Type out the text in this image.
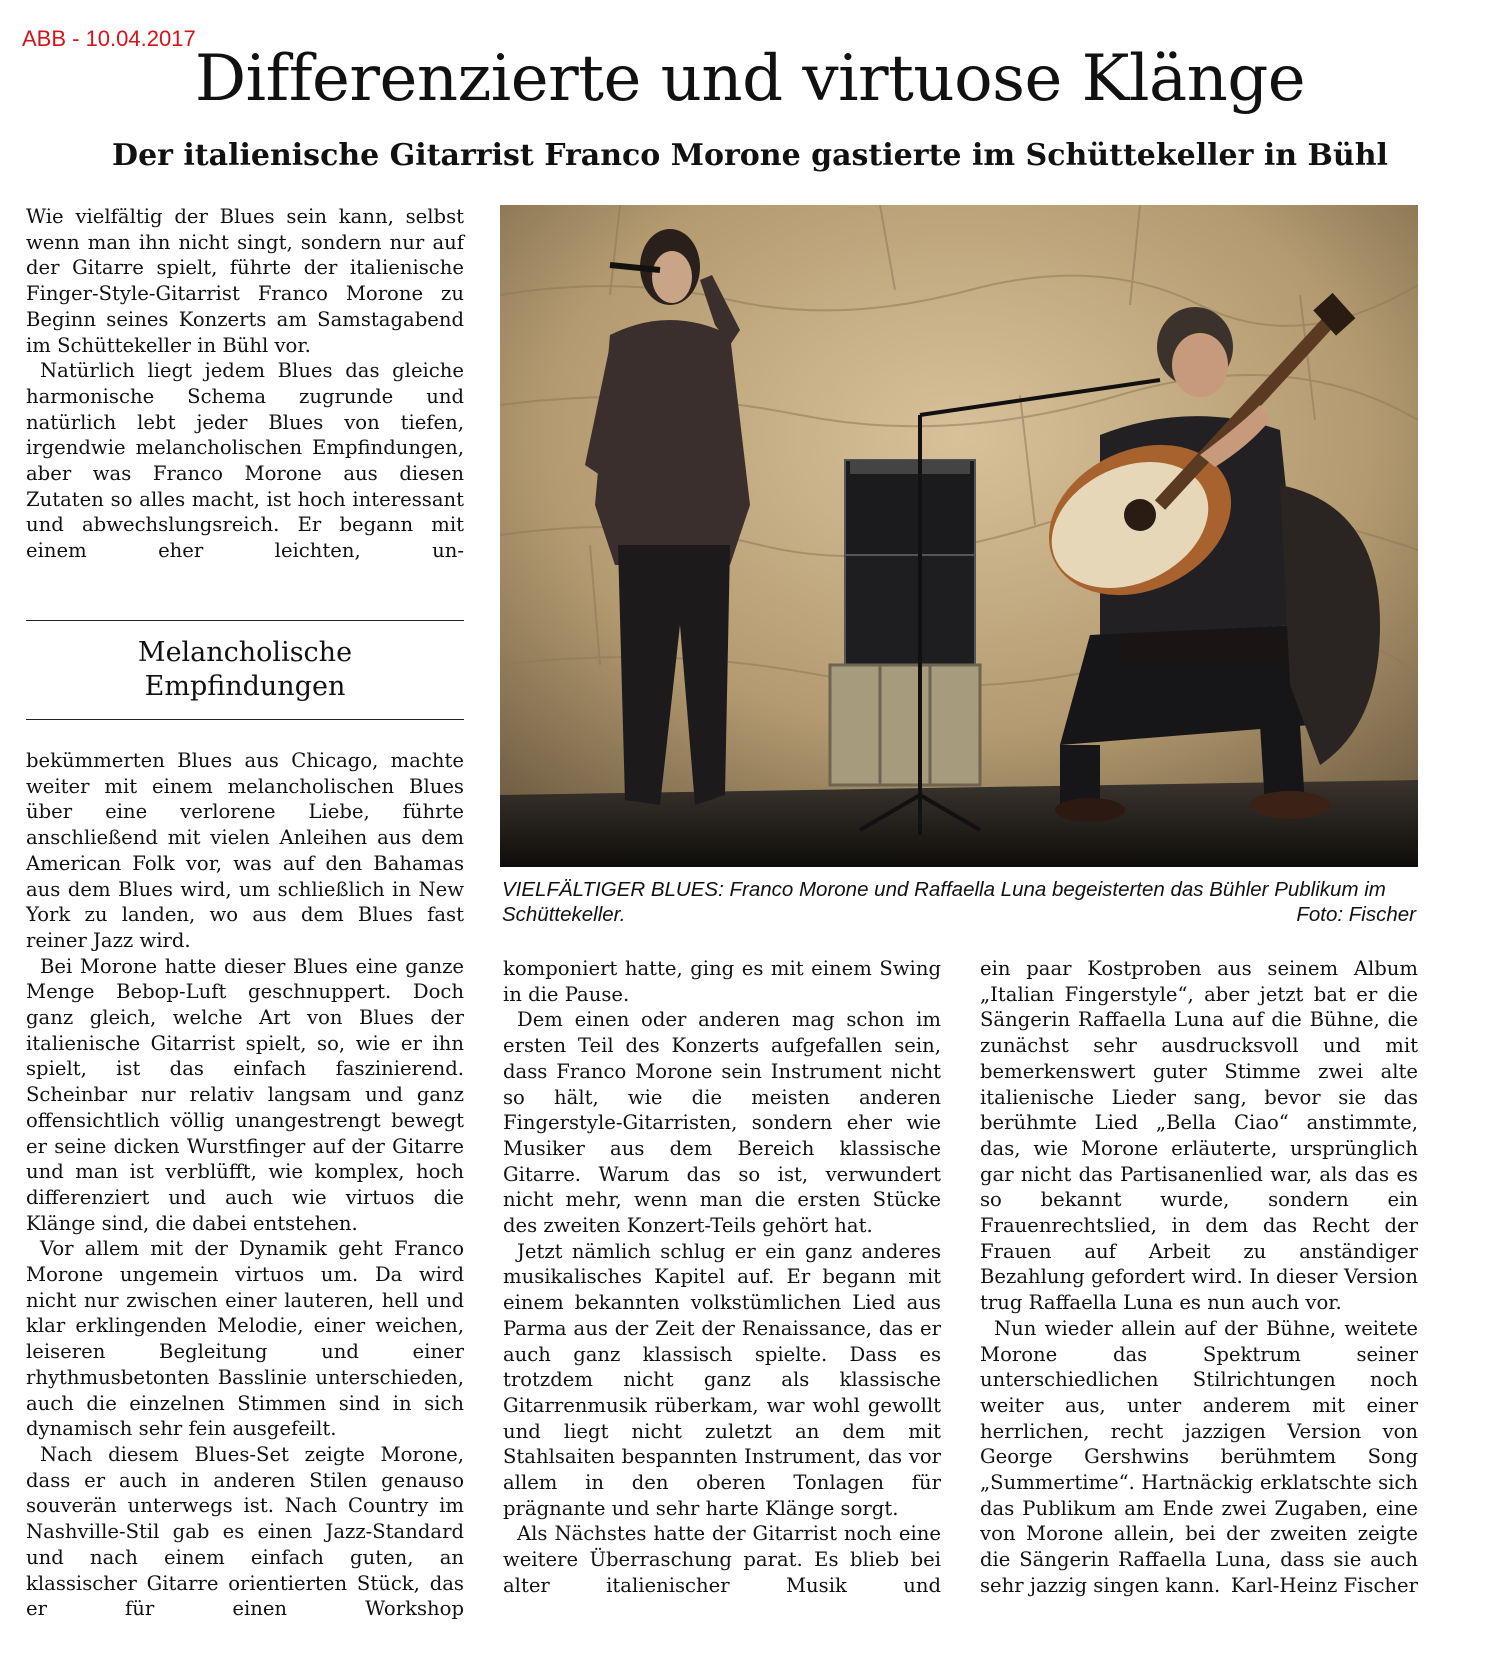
ABB - 10.04.2017
Differenzierte und virtuose Klänge
Der italienische Gitarrist Franco Morone gastierte im Schüttekeller in Bühl

Wie vielfältig der Blues sein kann, selbst wenn man ihn nicht singt, sondern nur auf der Gitarre spielt, führte der italienische Finger-Style-Gitarrist Franco Morone zu Beginn seines Konzerts am Samstagabend im Schüttekeller in Bühl vor.

Natürlich liegt jedem Blues das gleiche harmonische Schema zugrunde und natürlich lebt jeder Blues von tiefen, irgendwie melancholischen Empfindungen, aber was Franco Morone aus diesen Zutaten so alles macht, ist hoch interessant und abwechslungsreich. Er begann mit einem eher leichten, un-

Melancholische
Empfindungen

bekümmerten Blues aus Chicago, machte weiter mit einem melancholischen Blues über eine verlorene Liebe, führte anschließend mit vielen Anleihen aus dem American Folk vor, was auf den Bahamas aus dem Blues wird, um schließlich in New York zu landen, wo aus dem Blues fast reiner Jazz wird.

Bei Morone hatte dieser Blues eine ganze Menge Bebop-Luft geschnuppert. Doch ganz gleich, welche Art von Blues der italienische Gitarrist spielt, so, wie er ihn spielt, ist das einfach faszinierend. Scheinbar nur relativ langsam und ganz offensichtlich völlig unangestrengt bewegt er seine dicken Wurstfinger auf der Gitarre und man ist verblüfft, wie komplex, hoch differenziert und auch wie virtuos die Klänge sind, die dabei entstehen.

Vor allem mit der Dynamik geht Franco Morone ungemein virtuos um. Da wird nicht nur zwischen einer lauteren, hell und klar erklingenden Melodie, einer weichen, leiseren Begleitung und einer rhythmusbetonten Basslinie unterschieden, auch die einzelnen Stimmen sind in sich dynamisch sehr fein ausgefeilt.

Nach diesem Blues-Set zeigte Morone, dass er auch in anderen Stilen genauso souverän unterwegs ist. Nach Country im Nashville-Stil gab es einen Jazz-Standard und nach einem einfach guten, an klassischer Gitarre orientierten Stück, das er für einen Workshop

VIELFÄLTIGER BLUES: Franco Morone und Raffaella Luna begeisterten das Bühler Publikum im Schüttekeller.	Foto: Fischer

komponiert hatte, ging es mit einem Swing in die Pause.

Dem einen oder anderen mag schon im ersten Teil des Konzerts aufgefallen sein, dass Franco Morone sein Instrument nicht so hält, wie die meisten anderen Fingerstyle-Gitarristen, sondern eher wie Musiker aus dem Bereich klassische Gitarre. Warum das so ist, verwundert nicht mehr, wenn man die ersten Stücke des zweiten Konzert-Teils gehört hat.

Jetzt nämlich schlug er ein ganz anderes musikalisches Kapitel auf. Er begann mit einem bekannten volkstümlichen Lied aus Parma aus der Zeit der Renaissance, das er auch ganz klassisch spielte. Dass es trotzdem nicht ganz als klassische Gitarrenmusik rüberkam, war wohl gewollt und liegt nicht zuletzt an dem mit Stahlsaiten bespannten Instrument, das vor allem in den oberen Tonlagen für prägnante und sehr harte Klänge sorgt.

Als Nächstes hatte der Gitarrist noch eine weitere Überraschung parat. Es blieb bei alter italienischer Musik und

ein paar Kostproben aus seinem Album „Italian Fingerstyle“, aber jetzt bat er die Sängerin Raffaella Luna auf die Bühne, die zunächst sehr ausdrucksvoll und mit bemerkenswert guter Stimme zwei alte italienische Lieder sang, bevor sie das berühmte Lied „Bella Ciao“ anstimmte, das, wie Morone erläuterte, ursprünglich gar nicht das Partisanenlied war, als das es so bekannt wurde, sondern ein Frauenrechtslied, in dem das Recht der Frauen auf Arbeit zu anständiger Bezahlung gefordert wird. In dieser Version trug Raffaella Luna es nun auch vor.

Nun wieder allein auf der Bühne, weitete Morone das Spektrum seiner unterschiedlichen Stilrichtungen noch weiter aus, unter anderem mit einer herrlichen, recht jazzigen Version von George Gershwins berühmtem Song „Summertime“. Hartnäckig erklatschte sich das Publikum am Ende zwei Zugaben, eine von Morone allein, bei der zweiten zeigte die Sängerin Raffaella Luna, dass sie auch sehr jazzig singen kann. Karl-Heinz Fischer
